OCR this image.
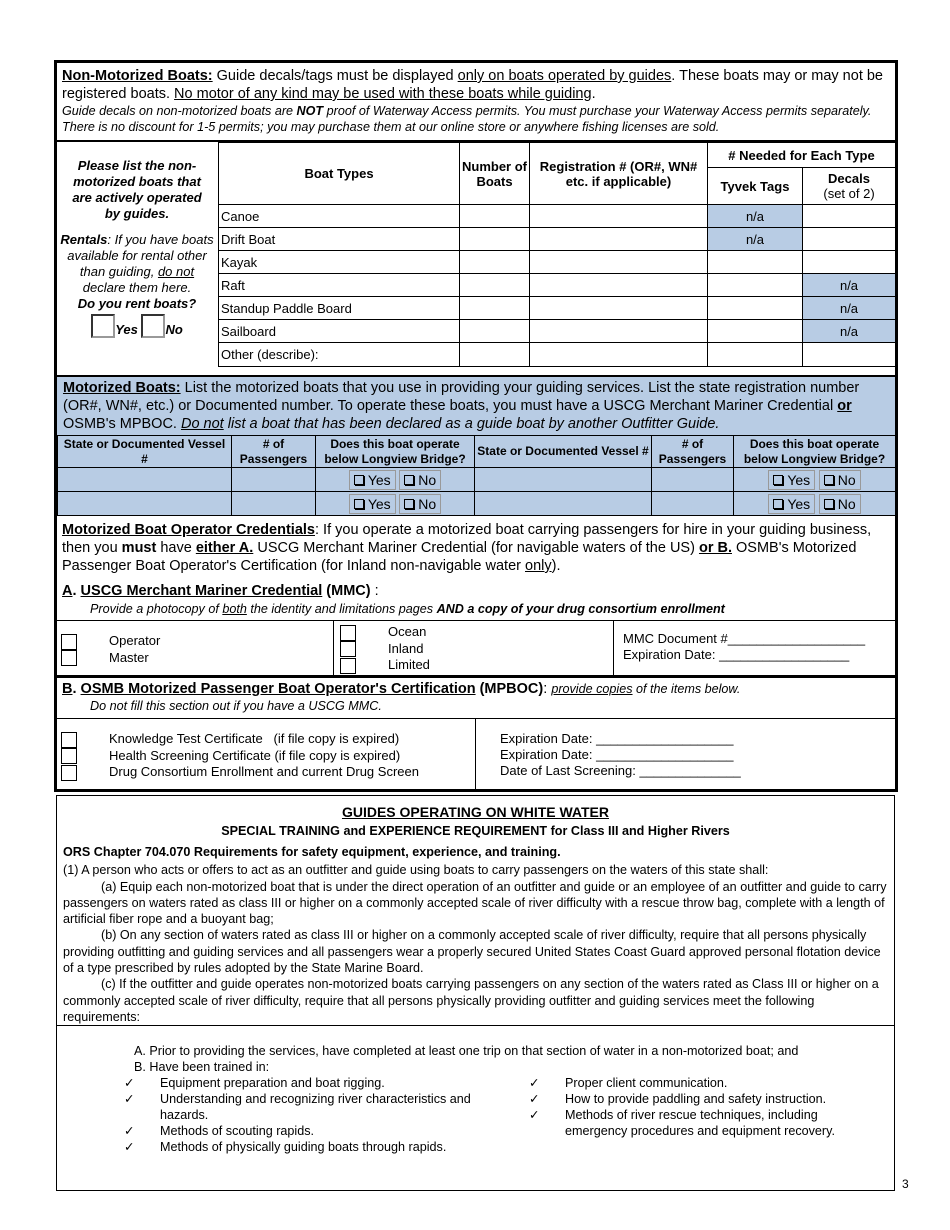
Non-Motorized Boats: Guide decals/tags must be displayed only on boats operated by guides. These boats may or may not be registered boats. No motor of any kind may be used with these boats while guiding.
Guide decals on non-motorized boats are NOT proof of Waterway Access permits. You must purchase your Waterway Access permits separately. There is no discount for 1-5 permits; you may purchase them at our online store or anywhere fishing licenses are sold.
Please list the non-motorized boats that are actively operated by guides.
Rentals: If you have boats available for rental other than guiding, do not declare them here.
Do you rent boats?
Yes No
Boat Types	Number of Boats	Registration # (OR#, WN# etc. if applicable)	# Needed for Each Type	
			Tyvek Tags	Decals
(set of 2)
Canoe			n/a	
Drift Boat			n/a	
Kayak				
Raft				n/a
Standup Paddle Board				n/a
Sailboard				n/a
Other (describe):				
Motorized Boats: List the motorized boats that you use in providing your guiding services. List the state registration number (OR#, WN#, etc.) or Documented number. To operate these boats, you must have a USCG Merchant Mariner Credential or OSMB's MPBOC. Do not list a boat that has been declared as a guide boat by another Outfitter Guide.
State or Documented Vessel #	# of Passengers	Does this boat operate below Longview Bridge?	State or Documented Vessel #	# of Passengers	Does this boat operate below Longview Bridge?
		Yes No			Yes No
		Yes No			Yes No
Motorized Boat Operator Credentials: If you operate a motorized boat carrying passengers for hire in your guiding business, then you must have either A. USCG Merchant Mariner Credential (for navigable waters of the US) or B. OSMB's Motorized Passenger Boat Operator's Certification (for Inland non-navigable water only).
A. USCG Merchant Mariner Credential (MMC) :
Provide a photocopy of both the identity and limitations pages AND a copy of your drug consortium enrollment
Operator
Master
Ocean
Inland
Limited
MMC Document #___________________
Expiration Date: __________________
B. OSMB Motorized Passenger Boat Operator's Certification (MPBOC): provide copies of the items below.
Do not fill this section out if you have a USCG MMC.
Knowledge Test Certificate   (if file copy is expired)
Health Screening Certificate (if file copy is expired)
Drug Consortium Enrollment and current Drug Screen
Expiration Date: ___________________
Expiration Date: ___________________
Date of Last Screening: ______________
GUIDES OPERATING ON WHITE WATER
SPECIAL TRAINING and EXPERIENCE REQUIREMENT for Class III and Higher Rivers
ORS Chapter 704.070 Requirements for safety equipment, experience, and training.
(1) A person who acts or offers to act as an outfitter and guide using boats to carry passengers on the waters of this state shall:
(a) Equip each non-motorized boat that is under the direct operation of an outfitter and guide or an employee of an outfitter and guide to carry passengers on waters rated as class III or higher on a commonly accepted scale of river difficulty with a rescue throw bag, complete with a length of artificial fiber rope and a buoyant bag;
(b) On any section of waters rated as class III or higher on a commonly accepted scale of river difficulty, require that all persons physically providing outfitting and guiding services and all passengers wear a properly secured United States Coast Guard approved personal flotation device of a type prescribed by rules adopted by the State Marine Board.
(c) If the outfitter and guide operates non-motorized boats carrying passengers on any section of the waters rated as Class III or higher on a commonly accepted scale of river difficulty, require that all persons physically providing outfitter and guiding services meet the following requirements:
A. Prior to providing the services, have completed at least one trip on that section of water in a non-motorized boat; and
B. Have been trained in:
✓	Equipment preparation and boat rigging.
✓	Understanding and recognizing river characteristics and hazards.
✓	Methods of scouting rapids.
✓	Methods of physically guiding boats through rapids.
✓	Proper client communication.
✓	How to provide paddling and safety instruction.
✓	Methods of river rescue techniques, including emergency procedures and equipment recovery.
3
